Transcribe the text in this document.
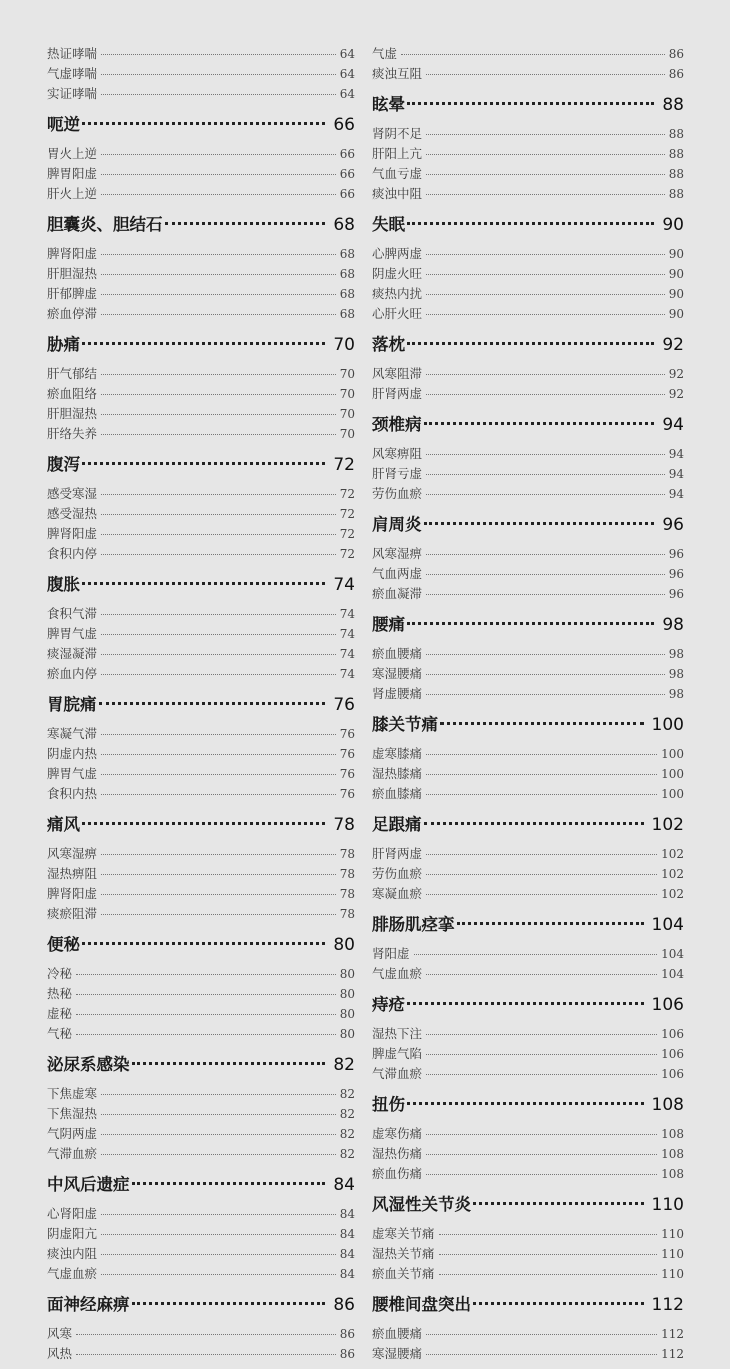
热证哮喘	64
气虚哮喘	64
实证哮喘	64
呃逆	66
胃火上逆	66
脾胃阳虚	66
肝火上逆	66
胆囊炎、胆结石	68
脾肾阳虚	68
肝胆湿热	68
肝郁脾虚	68
瘀血停滞	68
胁痛	70
肝气郁结	70
瘀血阻络	70
肝胆湿热	70
肝络失养	70
腹泻	72
感受寒湿	72
感受湿热	72
脾肾阳虚	72
食积内停	72
腹胀	74
食积气滞	74
脾胃气虚	74
痰湿凝滞	74
瘀血内停	74
胃脘痛	76
寒凝气滞	76
阴虚内热	76
脾胃气虚	76
食积内热	76
痛风	78
风寒湿痹	78
湿热痹阻	78
脾肾阳虚	78
痰瘀阻滞	78
便秘	80
冷秘	80
热秘	80
虚秘	80
气秘	80
泌尿系感染	82
下焦虚寒	82
下焦湿热	82
气阴两虚	82
气滞血瘀	82
中风后遗症	84
心肾阳虚	84
阴虚阳亢	84
痰浊内阻	84
气虚血瘀	84
面神经麻痹	86
风寒	86
风热	86
气虚	86
痰浊互阻	86
眩晕	88
肾阴不足	88
肝阳上亢	88
气血亏虚	88
痰浊中阻	88
失眠	90
心脾两虚	90
阴虚火旺	90
痰热内扰	90
心肝火旺	90
落枕	92
风寒阻滞	92
肝肾两虚	92
颈椎病	94
风寒痹阻	94
肝肾亏虚	94
劳伤血瘀	94
肩周炎	96
风寒湿痹	96
气血两虚	96
瘀血凝滞	96
腰痛	98
瘀血腰痛	98
寒湿腰痛	98
肾虚腰痛	98
膝关节痛	100
虚寒膝痛	100
湿热膝痛	100
瘀血膝痛	100
足跟痛	102
肝肾两虚	102
劳伤血瘀	102
寒凝血瘀	102
腓肠肌痉挛	104
肾阳虚	104
气虚血瘀	104
痔疮	106
湿热下注	106
脾虚气陷	106
气滞血瘀	106
扭伤	108
虚寒伤痛	108
湿热伤痛	108
瘀血伤痛	108
风湿性关节炎	110
虚寒关节痛	110
湿热关节痛	110
瘀血关节痛	110
腰椎间盘突出	112
瘀血腰痛	112
寒湿腰痛	112
